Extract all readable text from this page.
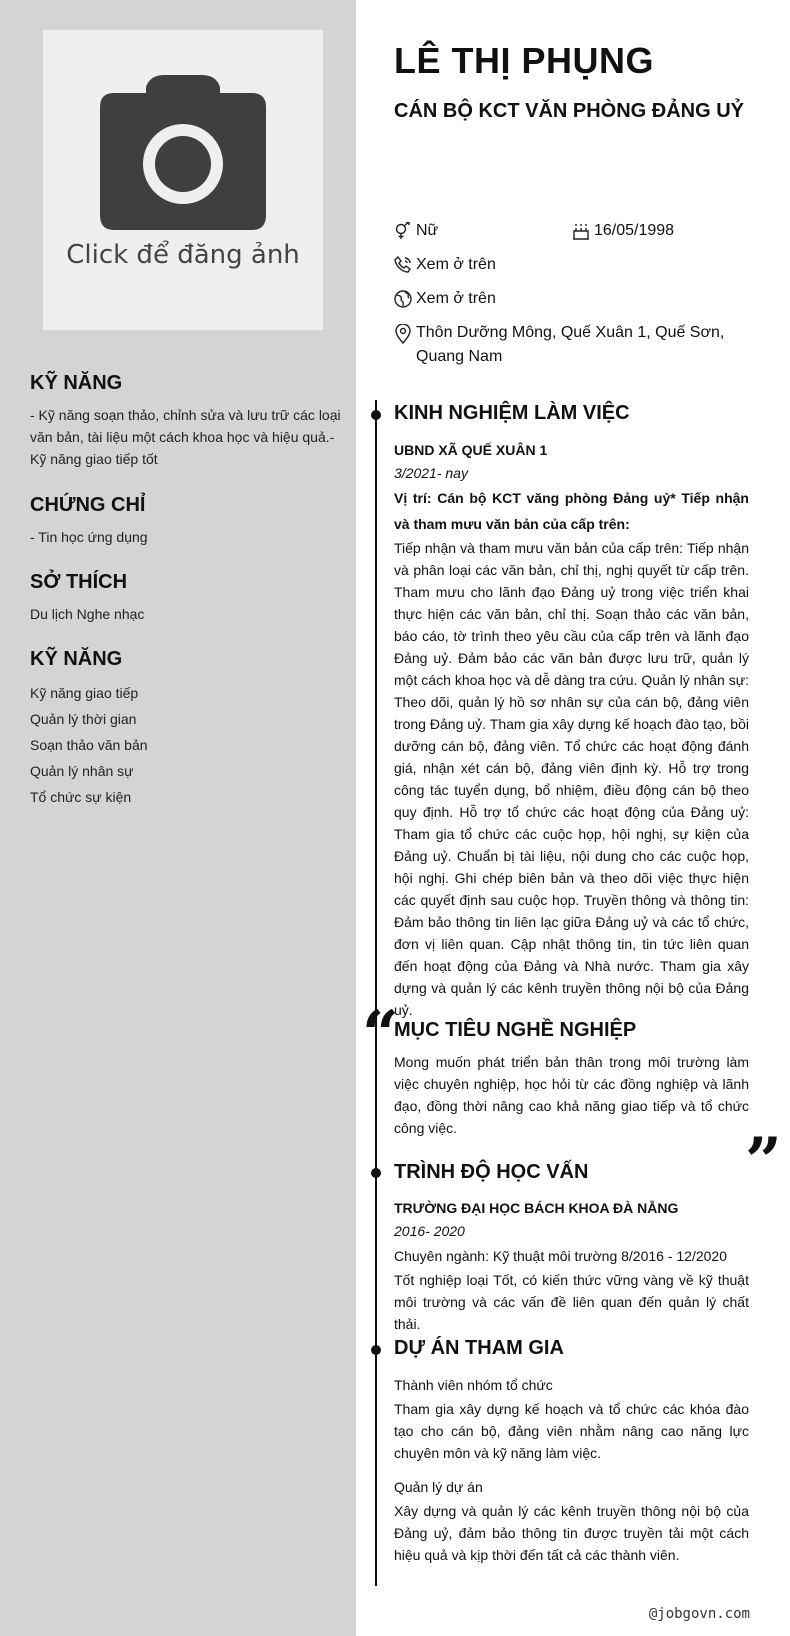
Click để đăng ảnh
KỸ NĂNG
- Kỹ năng soạn thảo, chỉnh sửa và lưu trữ các loại văn bản, tài liệu một cách khoa học và hiệu quả.- Kỹ năng giao tiếp tốt
CHỨNG CHỈ
- Tin học ứng dụng
SỞ THÍCH
Du lịch Nghe nhạc
KỸ NĂNG
Kỹ năng giao tiếp
Quản lý thời gian
Soạn thảo văn bản
Quản lý nhân sự
Tổ chức sự kiện
LÊ THỊ PHỤNG
CÁN BỘ KCT VĂN PHÒNG ĐẢNG UỶ
Nữ	16/05/1998
Xem ở trên
Xem ở trên
Thôn Dưỡng Mông, Quế Xuân 1, Quế Sơn, Quang Nam
KINH NGHIỆM LÀM VIỆC
UBND XÃ QUẾ XUÂN 1
3/2021- nay
Vị trí: Cán bộ KCT văng phòng Đảng uỷ* Tiếp nhận và tham mưu văn bản của cấp trên:
Tiếp nhận và tham mưu văn bản của cấp trên: Tiếp nhận và phân loại các văn bản, chỉ thị, nghị quyết từ cấp trên. Tham mưu cho lãnh đạo Đảng uỷ trong việc triển khai thực hiện các văn bản, chỉ thị. Soạn thảo các văn bản, báo cáo, tờ trình theo yêu cầu của cấp trên và lãnh đạo Đảng uỷ. Đảm bảo các văn bản được lưu trữ, quản lý một cách khoa học và dễ dàng tra cứu. Quản lý nhân sự: Theo dõi, quản lý hồ sơ nhân sự của cán bộ, đảng viên trong Đảng uỷ. Tham gia xây dựng kế hoạch đào tạo, bồi dưỡng cán bộ, đảng viên. Tổ chức các hoạt động đánh giá, nhận xét cán bộ, đảng viên định kỳ. Hỗ trợ trong công tác tuyển dụng, bổ nhiệm, điều động cán bộ theo quy định. Hỗ trợ tổ chức các hoạt động của Đảng uỷ: Tham gia tổ chức các cuộc họp, hội nghị, sự kiện của Đảng uỷ. Chuẩn bị tài liệu, nội dung cho các cuộc họp, hội nghị. Ghi chép biên bản và theo dõi việc thực hiện các quyết định sau cuộc họp. Truyền thông và thông tin: Đảm bảo thông tin liên lạc giữa Đảng uỷ và các tổ chức, đơn vị liên quan. Cập nhật thông tin, tin tức liên quan đến hoạt động của Đảng và Nhà nước. Tham gia xây dựng và quản lý các kênh truyền thông nội bộ của Đảng uỷ.
“
MỤC TIÊU NGHỀ NGHIỆP
Mong muốn phát triển bản thân trong môi trường làm việc chuyên nghiệp, học hỏi từ các đồng nghiệp và lãnh đạo, đồng thời nâng cao khả năng giao tiếp và tổ chức công việc.	”
TRÌNH ĐỘ HỌC VẤN
TRƯỜNG ĐẠI HỌC BÁCH KHOA ĐÀ NẴNG
2016- 2020
Chuyên ngành: Kỹ thuật môi trường 8/2016 - 12/2020
Tốt nghiệp loại Tốt, có kiến thức vững vàng về kỹ thuật môi trường và các vấn đề liên quan đến quản lý chất thải.
DỰ ÁN THAM GIA
Thành viên nhóm tổ chức
Tham gia xây dựng kế hoạch và tổ chức các khóa đào tạo cho cán bộ, đảng viên nhằm nâng cao năng lực chuyên môn và kỹ năng làm việc.
Quản lý dự án
Xây dựng và quản lý các kênh truyền thông nội bộ của Đảng uỷ, đảm bảo thông tin được truyền tải một cách hiệu quả và kịp thời đến tất cả các thành viên.
@jobgovn.com
